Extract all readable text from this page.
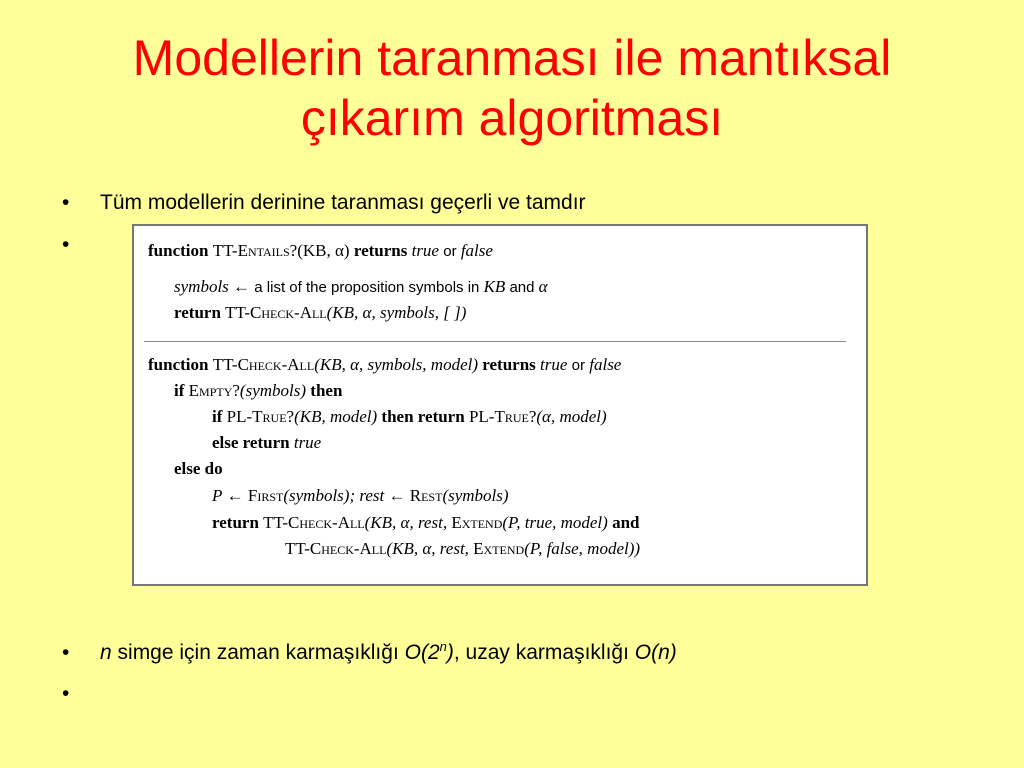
Modellerin taranması ile mantıksal
çıkarım algoritması
• Tüm modellerin derinine taranması geçerli ve tamdır
•	function TT-Entails?(KB, α) returns true or false
symbols ← a list of the proposition symbols in KB and α
return TT-Check-All(KB, α, symbols, [ ])
function TT-Check-All(KB, α, symbols, model) returns true or false
if Empty?(symbols) then
if PL-True?(KB, model) then return PL-True?(α, model)
else return true
else do
P ← First(symbols); rest ← Rest(symbols)
return TT-Check-All(KB, α, rest, Extend(P, true, model) and
TT-Check-All(KB, α, rest, Extend(P, false, model))
• n simge için zaman karmaşıklığı O(2$^n$), uzay karmaşıklığı O(n)
•
